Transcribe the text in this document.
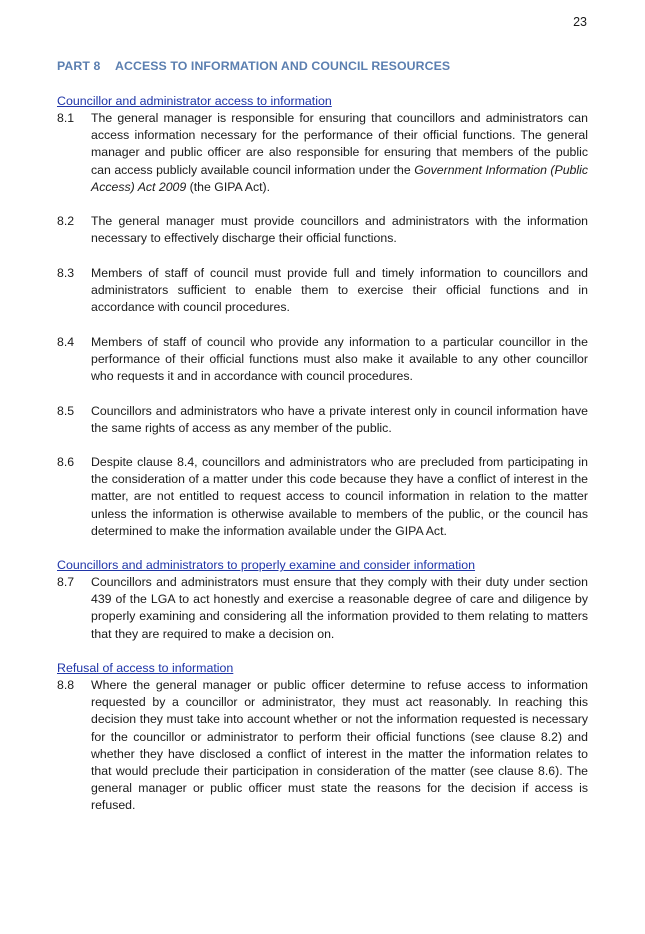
23
PART 8 ACCESS TO INFORMATION AND COUNCIL RESOURCES
Councillor and administrator access to information
8.1 The general manager is responsible for ensuring that councillors and administrators can access information necessary for the performance of their official functions. The general manager and public officer are also responsible for ensuring that members of the public can access publicly available council information under the Government Information (Public Access) Act 2009 (the GIPA Act).
8.2 The general manager must provide councillors and administrators with the information necessary to effectively discharge their official functions.
8.3 Members of staff of council must provide full and timely information to councillors and administrators sufficient to enable them to exercise their official functions and in accordance with council procedures.
8.4 Members of staff of council who provide any information to a particular councillor in the performance of their official functions must also make it available to any other councillor who requests it and in accordance with council procedures.
8.5 Councillors and administrators who have a private interest only in council information have the same rights of access as any member of the public.
8.6 Despite clause 8.4, councillors and administrators who are precluded from participating in the consideration of a matter under this code because they have a conflict of interest in the matter, are not entitled to request access to council information in relation to the matter unless the information is otherwise available to members of the public, or the council has determined to make the information available under the GIPA Act.
Councillors and administrators to properly examine and consider information
8.7 Councillors and administrators must ensure that they comply with their duty under section 439 of the LGA to act honestly and exercise a reasonable degree of care and diligence by properly examining and considering all the information provided to them relating to matters that they are required to make a decision on.
Refusal of access to information
8.8 Where the general manager or public officer determine to refuse access to information requested by a councillor or administrator, they must act reasonably. In reaching this decision they must take into account whether or not the information requested is necessary for the councillor or administrator to perform their official functions (see clause 8.2) and whether they have disclosed a conflict of interest in the matter the information relates to that would preclude their participation in consideration of the matter (see clause 8.6). The general manager or public officer must state the reasons for the decision if access is refused.
